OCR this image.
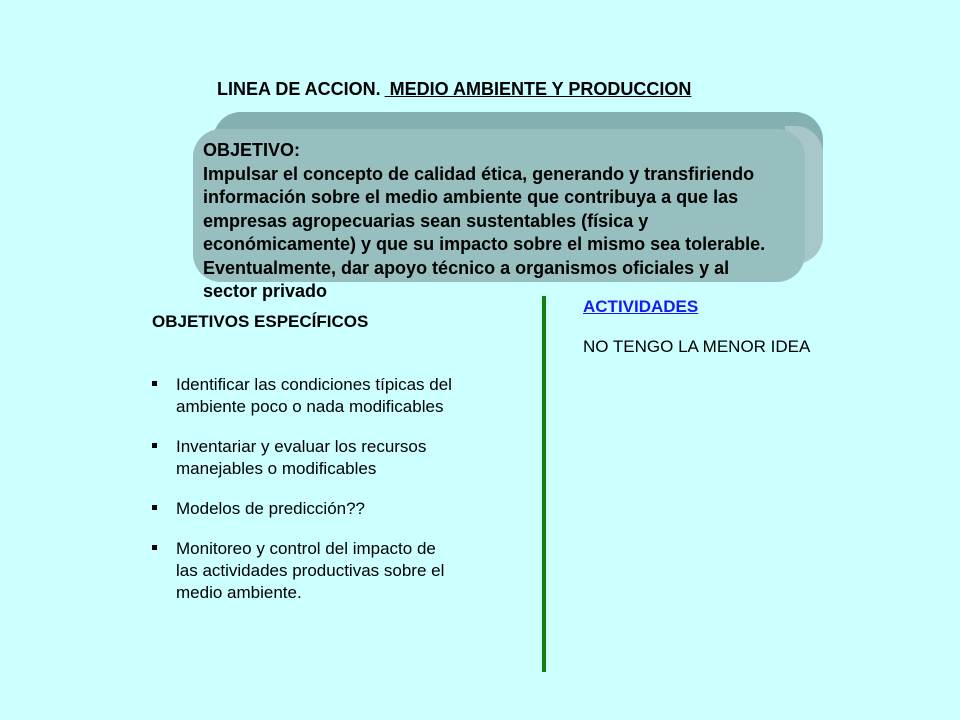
LINEA DE ACCION. MEDIO AMBIENTE Y PRODUCCION
OBJETIVO:
Impulsar el concepto de calidad ética, generando y transfiriendo
información sobre el medio ambiente que contribuya a que las
empresas agropecuarias sean sustentables (física y
económicamente) y que su impacto sobre el mismo sea tolerable.
Eventualmente, dar apoyo técnico a organismos oficiales y al
sector privado
OBJETIVOS ESPECÍFICOS
Identificar las condiciones típicas del
ambiente poco o nada modificables
Inventariar y evaluar los recursos
manejables o modificables
Modelos de predicción??
Monitoreo y control del impacto de
las actividades productivas sobre el
medio ambiente.
ACTIVIDADES
NO TENGO LA MENOR IDEA
